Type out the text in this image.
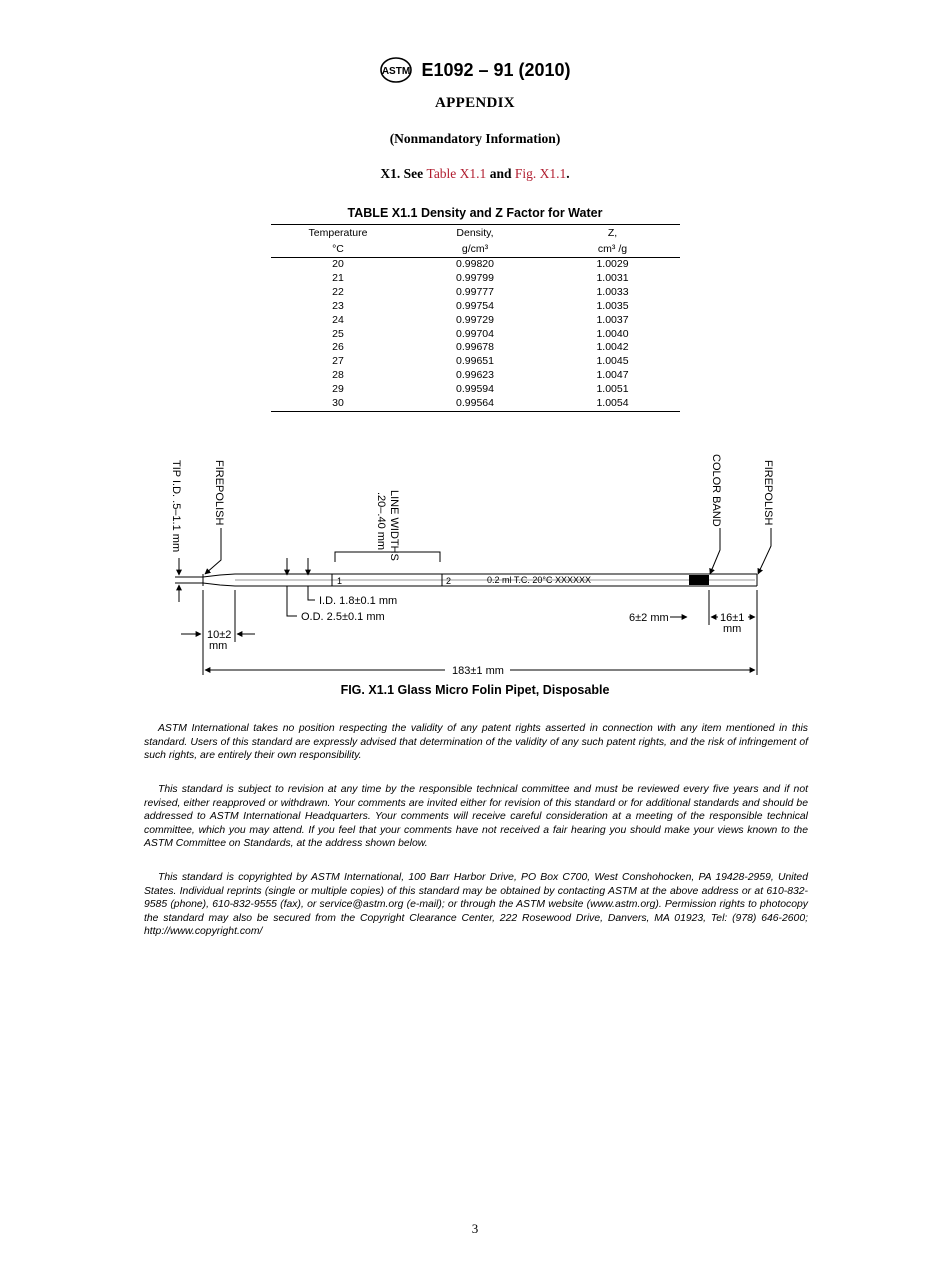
ASTM E1092 – 91 (2010)
APPENDIX
(Nonmandatory Information)
X1. See Table X1.1 and Fig. X1.1.
TABLE X1.1 Density and Z Factor for Water
Temperature	Density,	Z,
°C	g/cm³	cm³ /g
20	0.99820	1.0029
21	0.99799	1.0031
22	0.99777	1.0033
23	0.99754	1.0035
24	0.99729	1.0037
25	0.99704	1.0040
26	0.99678	1.0042
27	0.99651	1.0045
28	0.99623	1.0047
29	0.99594	1.0051
30	0.99564	1.0054
1	2	0.2 ml T.C. 20°C XXXXXX
TIP I.D. .5–1.1 mm	FIREPOLISH	LINE WIDTHS
.20–.40 mm	COLOR BAND	FIREPOLISH
I.D. 1.8±0.1 mm
O.D. 2.5±0.1 mm	6±2 mm	16±1
mm
10±2
mm
183±1 mm
FIG. X1.1 Glass Micro Folin Pipet, Disposable

ASTM International takes no position respecting the validity of any patent rights asserted in connection with any item mentioned in this standard. Users of this standard are expressly advised that determination of the validity of any such patent rights, and the risk of infringement of such rights, are entirely their own responsibility.

This standard is subject to revision at any time by the responsible technical committee and must be reviewed every five years and if not revised, either reapproved or withdrawn. Your comments are invited either for revision of this standard or for additional standards and should be addressed to ASTM International Headquarters. Your comments will receive careful consideration at a meeting of the responsible technical committee, which you may attend. If you feel that your comments have not received a fair hearing you should make your views known to the ASTM Committee on Standards, at the address shown below.

This standard is copyrighted by ASTM International, 100 Barr Harbor Drive, PO Box C700, West Conshohocken, PA 19428-2959, United States. Individual reprints (single or multiple copies) of this standard may be obtained by contacting ASTM at the above address or at 610-832-9585 (phone), 610-832-9555 (fax), or service@astm.org (e-mail); or through the ASTM website (www.astm.org). Permission rights to photocopy the standard may also be secured from the Copyright Clearance Center, 222 Rosewood Drive, Danvers, MA 01923, Tel: (978) 646-2600; http://www.copyright.com/

3
